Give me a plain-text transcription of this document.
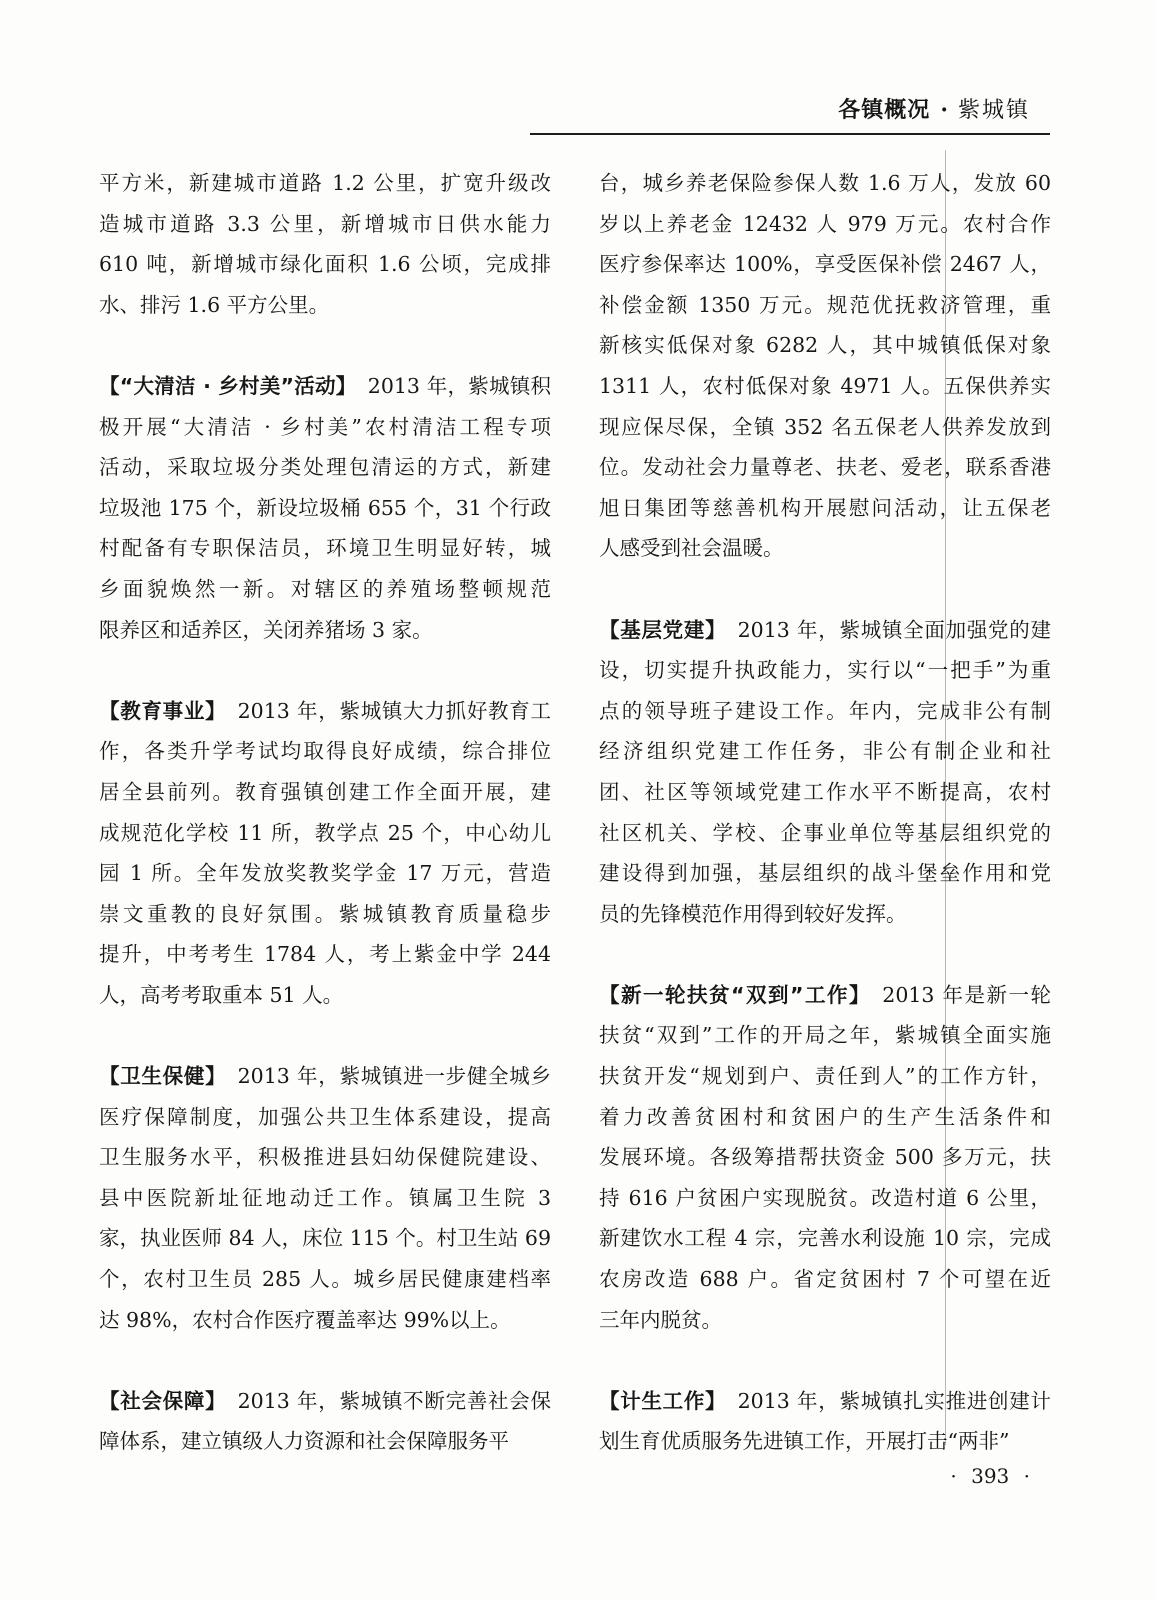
各镇概况 · 紫城镇
平方米，新建城市道路 1.2 公里，扩宽升级改
造城市道路 3.3 公里，新增城市日供水能力
610 吨，新增城市绿化面积 1.6 公顷，完成排
水、排污 1.6 平方公里。
【“大清洁 · 乡村美”活动】 2013 年，紫城镇积
极开展“大清洁 · 乡村美”农村清洁工程专项
活动，采取垃圾分类处理包清运的方式，新建
垃圾池 175 个，新设垃圾桶 655 个，31 个行政
村配备有专职保洁员，环境卫生明显好转，城
乡面貌焕然一新。对辖区的养殖场整顿规范
限养区和适养区，关闭养猪场 3 家。
【教育事业】 2013 年，紫城镇大力抓好教育工
作，各类升学考试均取得良好成绩，综合排位
居全县前列。教育强镇创建工作全面开展，建
成规范化学校 11 所，教学点 25 个，中心幼儿
园 1 所。全年发放奖教奖学金 17 万元，营造
崇文重教的良好氛围。紫城镇教育质量稳步
提升，中考考生 1784 人，考上紫金中学 244
人，高考考取重本 51 人。
【卫生保健】 2013 年，紫城镇进一步健全城乡
医疗保障制度，加强公共卫生体系建设，提高
卫生服务水平，积极推进县妇幼保健院建设、
县中医院新址征地动迁工作。镇属卫生院 3
家，执业医师 84 人，床位 115 个。村卫生站 69
个，农村卫生员 285 人。城乡居民健康建档率
达 98%，农村合作医疗覆盖率达 99%以上。
【社会保障】 2013 年，紫城镇不断完善社会保
障体系，建立镇级人力资源和社会保障服务平
台，城乡养老保险参保人数 1.6 万人，发放 60
岁以上养老金 12432 人 979 万元。农村合作
医疗参保率达 100%，享受医保补偿 2467 人，
补偿金额 1350 万元。规范优抚救济管理，重
新核实低保对象 6282 人，其中城镇低保对象
1311 人，农村低保对象 4971 人。五保供养实
现应保尽保，全镇 352 名五保老人供养发放到
位。发动社会力量尊老、扶老、爱老，联系香港
旭日集团等慈善机构开展慰问活动，让五保老
人感受到社会温暖。
【基层党建】 2013 年，紫城镇全面加强党的建
设，切实提升执政能力，实行以“一把手”为重
点的领导班子建设工作。年内，完成非公有制
经济组织党建工作任务，非公有制企业和社
团、社区等领域党建工作水平不断提高，农村
社区机关、学校、企事业单位等基层组织党的
建设得到加强，基层组织的战斗堡垒作用和党
员的先锋模范作用得到较好发挥。
【新一轮扶贫“双到”工作】 2013 年是新一轮
扶贫“双到”工作的开局之年，紫城镇全面实施
扶贫开发“规划到户、责任到人”的工作方针，
着力改善贫困村和贫困户的生产生活条件和
发展环境。各级筹措帮扶资金 500 多万元，扶
持 616 户贫困户实现脱贫。改造村道 6 公里，
新建饮水工程 4 宗，完善水利设施 10 宗，完成
农房改造 688 户。省定贫困村 7 个可望在近
三年内脱贫。
【计生工作】 2013 年，紫城镇扎实推进创建计
划生育优质服务先进镇工作，开展打击“两非”
· 393 ·
